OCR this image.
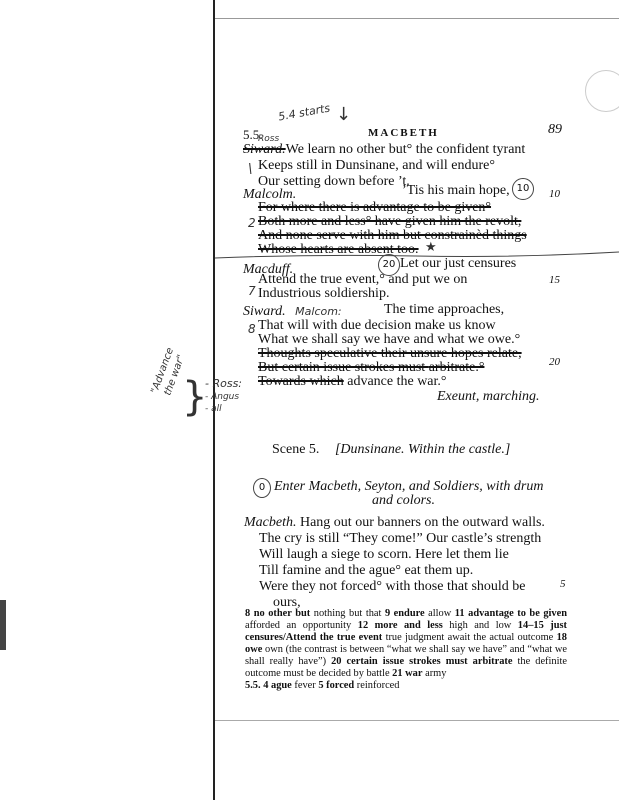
5.4 starts ↓
5.5.	MACBETH	89
Ross
Siward.We learn no other but° the confident tyrant
\ Keeps still in Dunsinane, and will endure°
Our setting down before ’t.
Malcolm.	’Tis his main hope, 10	10
For where there is advantage to be given°
2 Both more and less° have given him the revolt,
And none serve with him but constrainèd things
Whose hearts are absent too. ★
Macduff.	20 Let our just censures
Attend the true event,° and put we on	15
7 Industrious soldiership.
Siward. Malcom:	The time approaches,
8 That will with due decision make us know
What we shall say we have and what we owe.°
Thoughts speculative their unsure hopes relate,
But certain issue strokes must arbitrate.°	20
Towards which advance the war.°
Exeunt, marching.
"Advance the war"
}
- Ross:
- Angus
- all
Scene 5. [Dunsinane. Within the castle.]
0 Enter Macbeth, Seyton, and Soldiers, with drum
and colors.
Macbeth. Hang out our banners on the outward walls.
The cry is still “They come!” Our castle’s strength
Will laugh a siege to scorn. Here let them lie
Till famine and the ague° eat them up.
Were they not forced° with those that should be
ours,
5
8 no other but nothing but that 9 endure allow 11 advantage to be given afforded an opportunity 12 more and less high and low 14–15 just censures/Attend the true event true judgment await the actual outcome 18 owe own (the contrast is between “what we shall say we have” and “what we shall really have”) 20 certain issue strokes must arbitrate the definite outcome must be decided by battle 21 war army
5.5. 4 ague fever 5 forced reinforced
